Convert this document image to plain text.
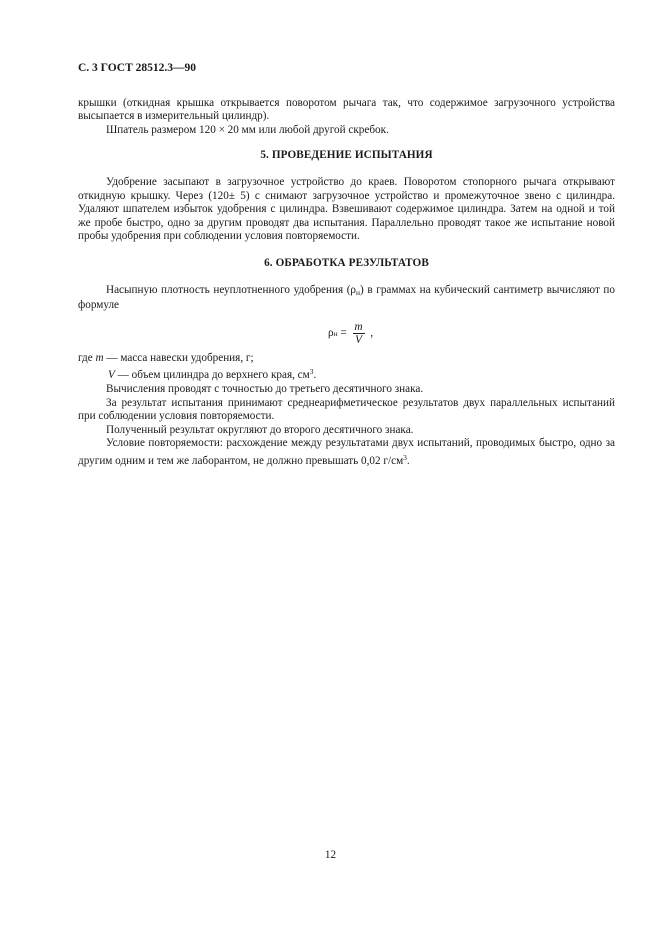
С. 3 ГОСТ 28512.3—90

крышки (откидная крышка открывается поворотом рычага так, что содержимое загрузочного устройства высыпается в измерительный цилиндр).

Шпатель размером 120 × 20 мм или любой другой скребок.

5. ПРОВЕДЕНИЕ ИСПЫТАНИЯ

Удобрение засыпают в загрузочное устройство до краев. Поворотом стопорного рычага открывают откидную крышку. Через (120± 5) с снимают загрузочное устройство и промежуточное звено с цилиндра. Удаляют шпателем избыток удобрения с цилиндра. Взвешивают содержимое цилиндра. Затем на одной и той же пробе быстро, одно за другим проводят два испытания. Параллельно проводят такое же испытание новой пробы удобрения при соблюдении условия повторяемости.

6. ОБРАБОТКА РЕЗУЛЬТАТОВ

Насыпную плотность неуплотненного удобрения $(\rho_н)$ в граммах на кубический сантиметр вычисляют по формуле

ρ $н = \frac{m}{V}$ ,

где m — масса навески удобрения, г;

V — объем цилиндра до верхнего края, $см^3$.

Вычисления проводят с точностью до третьего десятичного знака.

За результат испытания принимают среднеарифметическое результатов двух параллельных испытаний при соблюдении условия повторяемости.

Полученный результат округляют до второго десятичного знака.

Условие повторяемости: расхождение между результатами двух испытаний, проводимых быстро, одно за другим одним и тем же лаборантом, не должно превышать 0,02 $г/см^3$.

12
